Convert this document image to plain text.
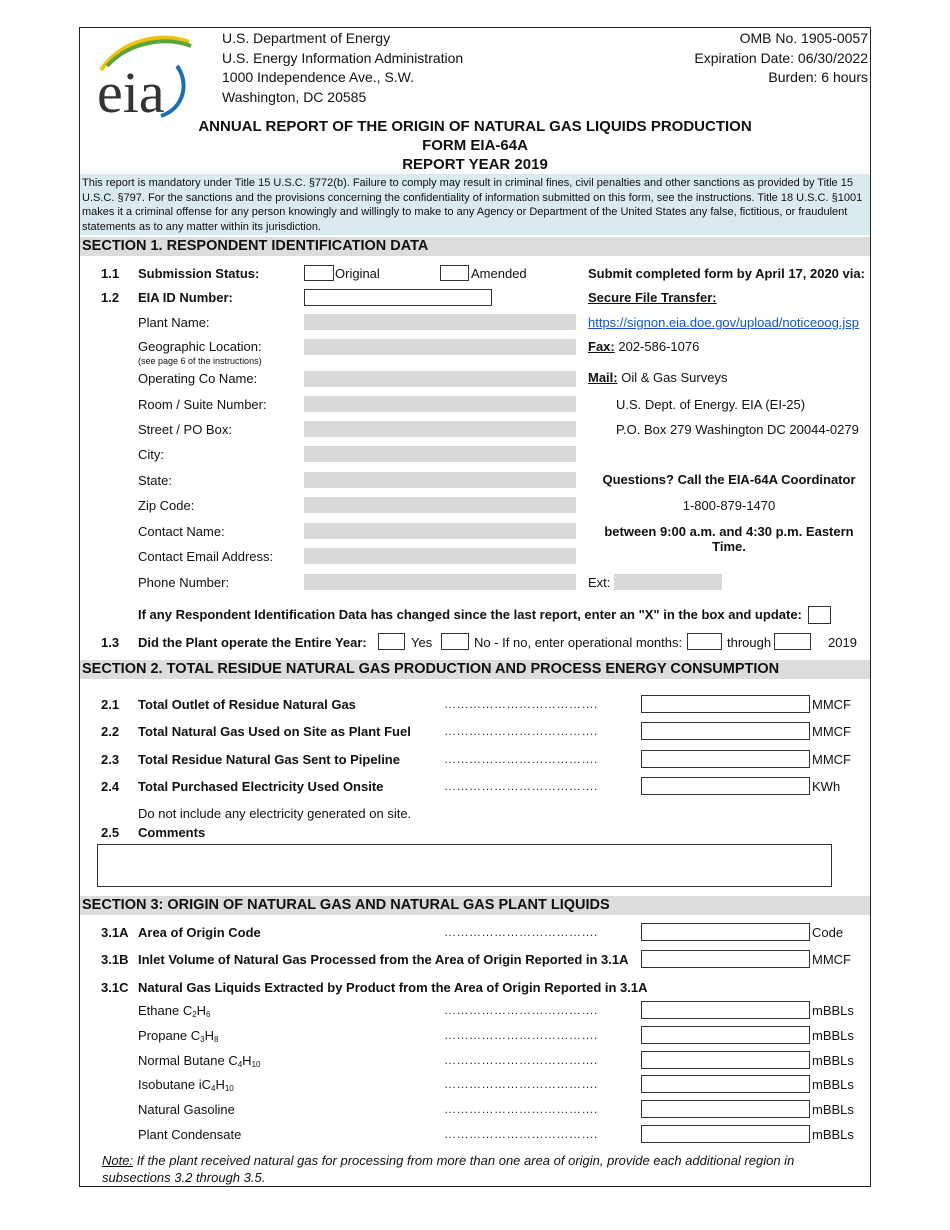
eia
U.S. Department of Energy
U.S. Energy Information Administration
1000 Independence Ave., S.W.
Washington, DC 20585
OMB No. 1905-0057
Expiration Date: 06/30/2022
Burden: 6 hours
ANNUAL REPORT OF THE ORIGIN OF NATURAL GAS LIQUIDS PRODUCTION
FORM EIA-64A
REPORT YEAR 2019
This report is mandatory under Title 15 U.S.C. §772(b). Failure to comply may result in criminal fines, civil penalties and other sanctions as provided by Title 15 U.S.C. §797. For the sanctions and the provisions concerning the confidentiality of information submitted on this form, see the instructions. Title 18 U.S.C. §1001 makes it a criminal offense for any person knowingly and willingly to make to any Agency or Department of the United States any false, fictitious, or fraudulent statements as to any matter within its jurisdiction.
SECTION 1. RESPONDENT IDENTIFICATION DATA
1.1 Submission Status:	Original	Amended
1.2 EIA ID Number:
Plant Name:
Geographic Location:
(see page 6 of the instructions)
Operating Co Name:
Room / Suite Number:
Street / PO Box:
City:
State:
Zip Code:
Contact Name:
Contact Email Address:
Phone Number:	Ext:
Submit completed form by April 17, 2020 via:
Secure File Transfer:
https://signon.eia.doe.gov/upload/noticeoog.jsp
Fax: 202-586-1076
Mail: Oil & Gas Surveys
U.S. Dept. of Energy. EIA (EI-25)
P.O. Box 279 Washington DC 20044-0279
Questions? Call the EIA-64A Coordinator
1-800-879-1470
between 9:00 a.m. and 4:30 p.m. Eastern Time.
If any Respondent Identification Data has changed since the last report, enter an "X" in the box and update:
1.3 Did the Plant operate the Entire Year:	Yes	No - If no, enter operational months:	through	2019
SECTION 2. TOTAL RESIDUE NATURAL GAS PRODUCTION AND PROCESS ENERGY CONSUMPTION
2.1 Total Outlet of Residue Natural Gas	……………………………….	MMCF
2.2 Total Natural Gas Used on Site as Plant Fuel	……………………………….	MMCF
2.3 Total Residue Natural Gas Sent to Pipeline	……………………………….	MMCF
2.4 Total Purchased Electricity Used Onsite	……………………………….	KWh
Do not include any electricity generated on site.
2.5 Comments
SECTION 3: ORIGIN OF NATURAL GAS AND NATURAL GAS PLANT LIQUIDS
3.1A Area of Origin Code	……………………………….	Code
3.1B Inlet Volume of Natural Gas Processed from the Area of Origin Reported in 3.1A	MMCF
3.1C Natural Gas Liquids Extracted by Product from the Area of Origin Reported in 3.1A
Ethane $C_2H_6$	……………………………….	mBBLs
Propane $C_3H_8$	……………………………….	mBBLs
Normal Butane $C_4H_{10}$	……………………………….	mBBLs
Isobutane $iC_4H_{10}$	……………………………….	mBBLs
Natural Gasoline	……………………………….	mBBLs
Plant Condensate	……………………………….	mBBLs
Note: If the plant received natural gas for processing from more than one area of origin, provide each additional region in subsections 3.2 through 3.5.
